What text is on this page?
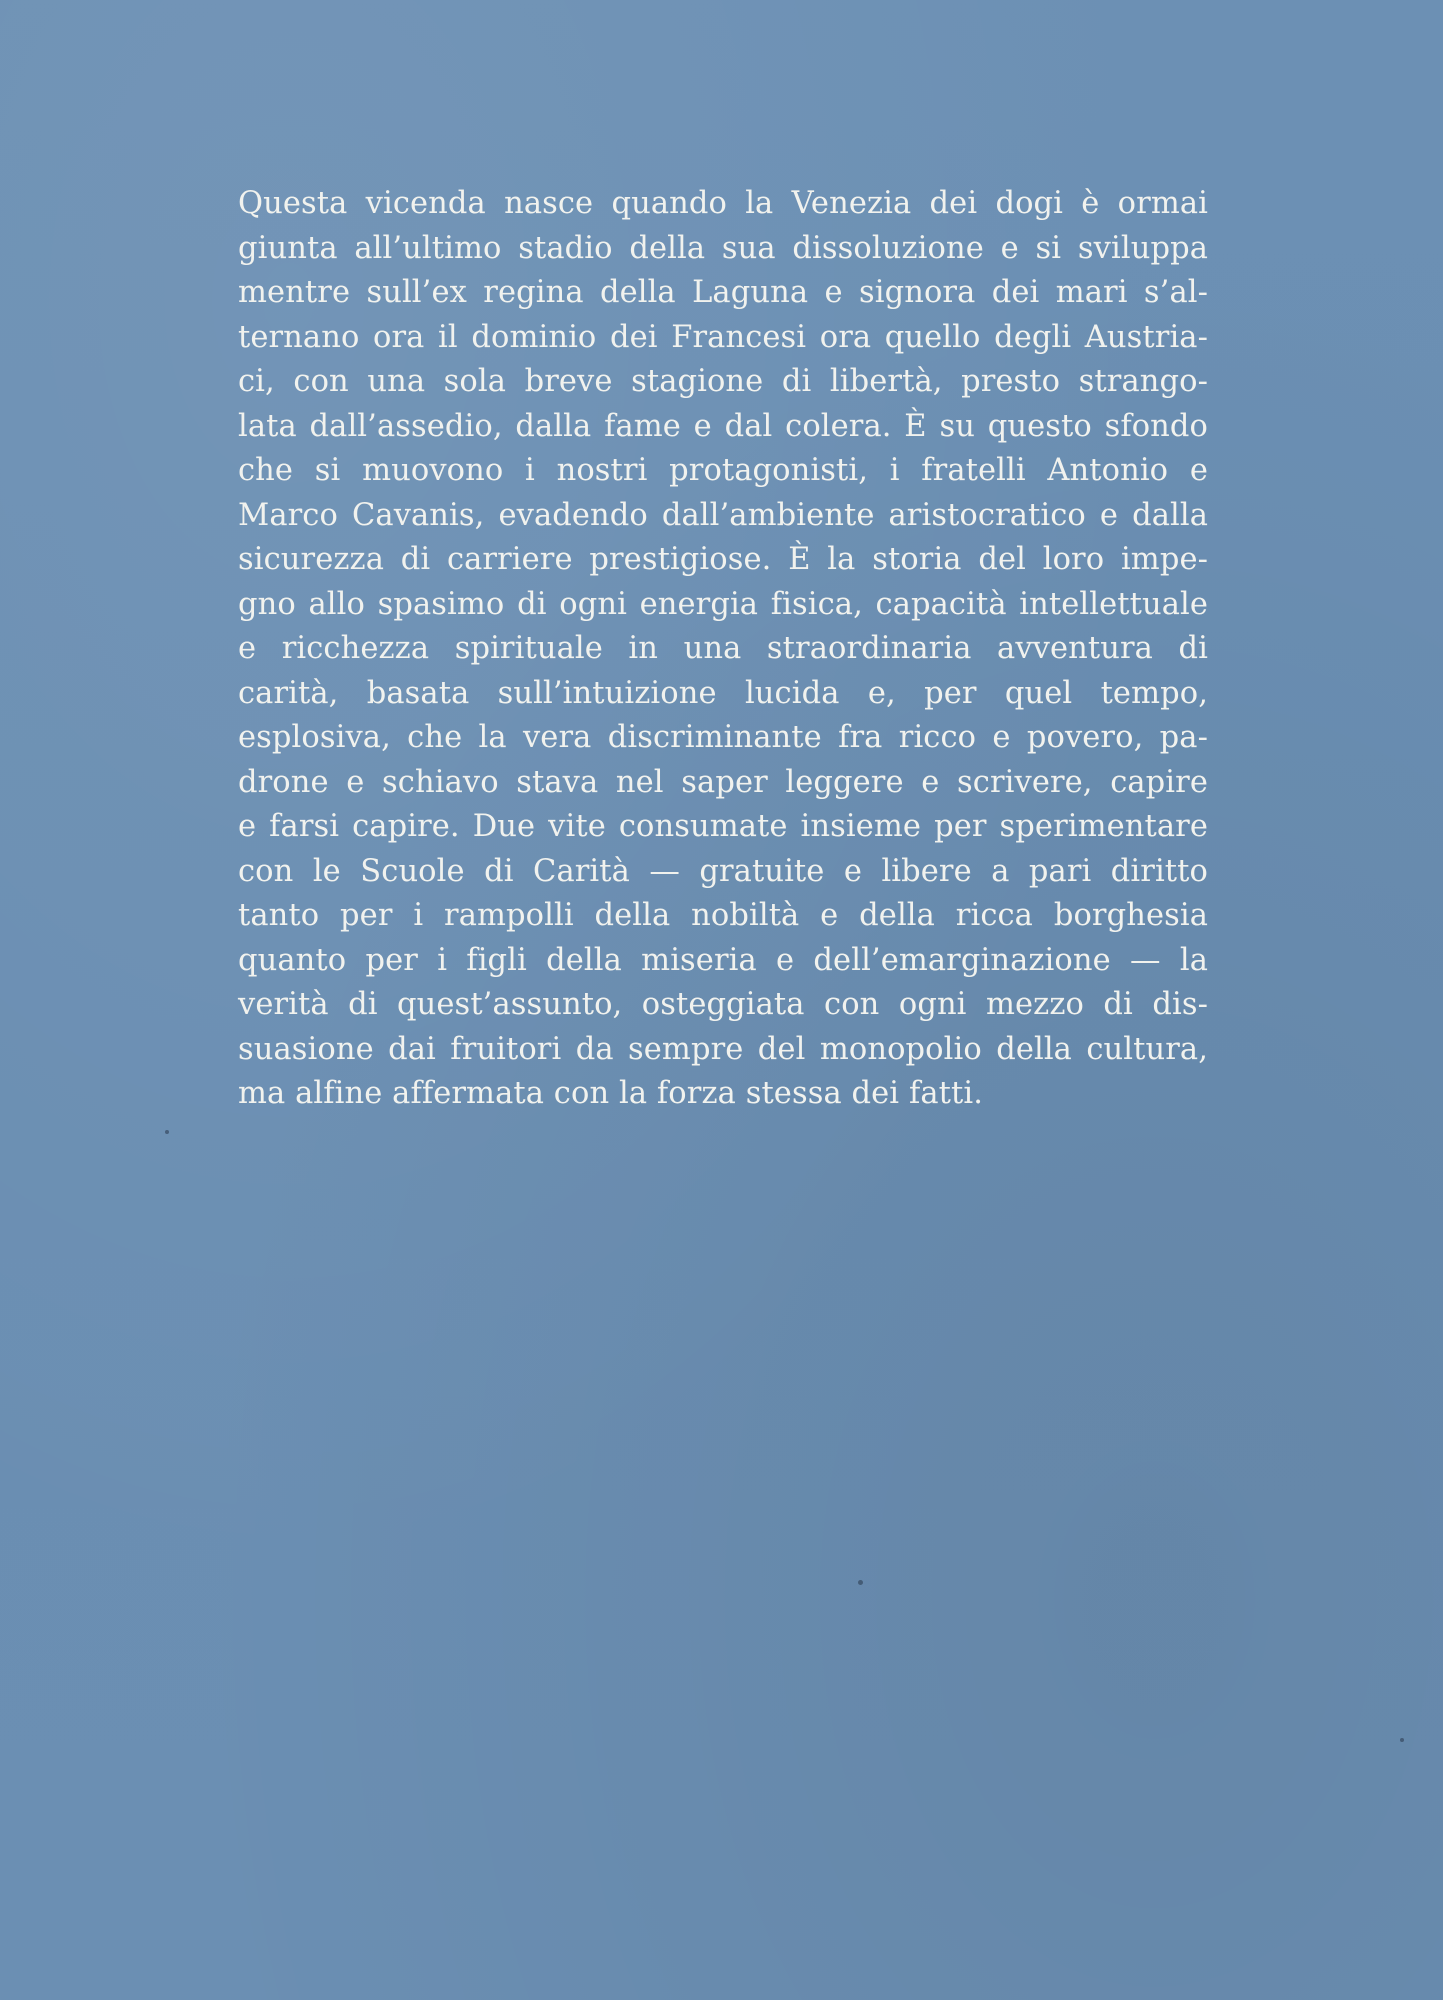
Questa vicenda nasce quando la Venezia dei dogi è ormai
giunta all’ultimo stadio della sua dissoluzione e si sviluppa
mentre sull’ex regina della Laguna e signora dei mari s’al-
ternano ora il dominio dei Francesi ora quello degli Austria-
ci, con una sola breve stagione di libertà, presto strango-
lata dall’assedio, dalla fame e dal colera. È su questo sfondo
che si muovono i nostri protagonisti, i fratelli Antonio e
Marco Cavanis, evadendo dall’ambiente aristocratico e dalla
sicurezza di carriere prestigiose. È la storia del loro impe-
gno allo spasimo di ogni energia fisica, capacità intellettuale
e ricchezza spirituale in una straordinaria avventura di
carità, basata sull’intuizione lucida e, per quel tempo,
esplosiva, che la vera discriminante fra ricco e povero, pa-
drone e schiavo stava nel saper leggere e scrivere, capire
e farsi capire. Due vite consumate insieme per sperimentare
con le Scuole di Carità — gratuite e libere a pari diritto
tanto per i rampolli della nobiltà e della ricca borghesia
quanto per i figli della miseria e dell’emarginazione — la
verità di quest’assunto, osteggiata con ogni mezzo di dis-
suasione dai fruitori da sempre del monopolio della cultura,
ma alfine affermata con la forza stessa dei fatti.
